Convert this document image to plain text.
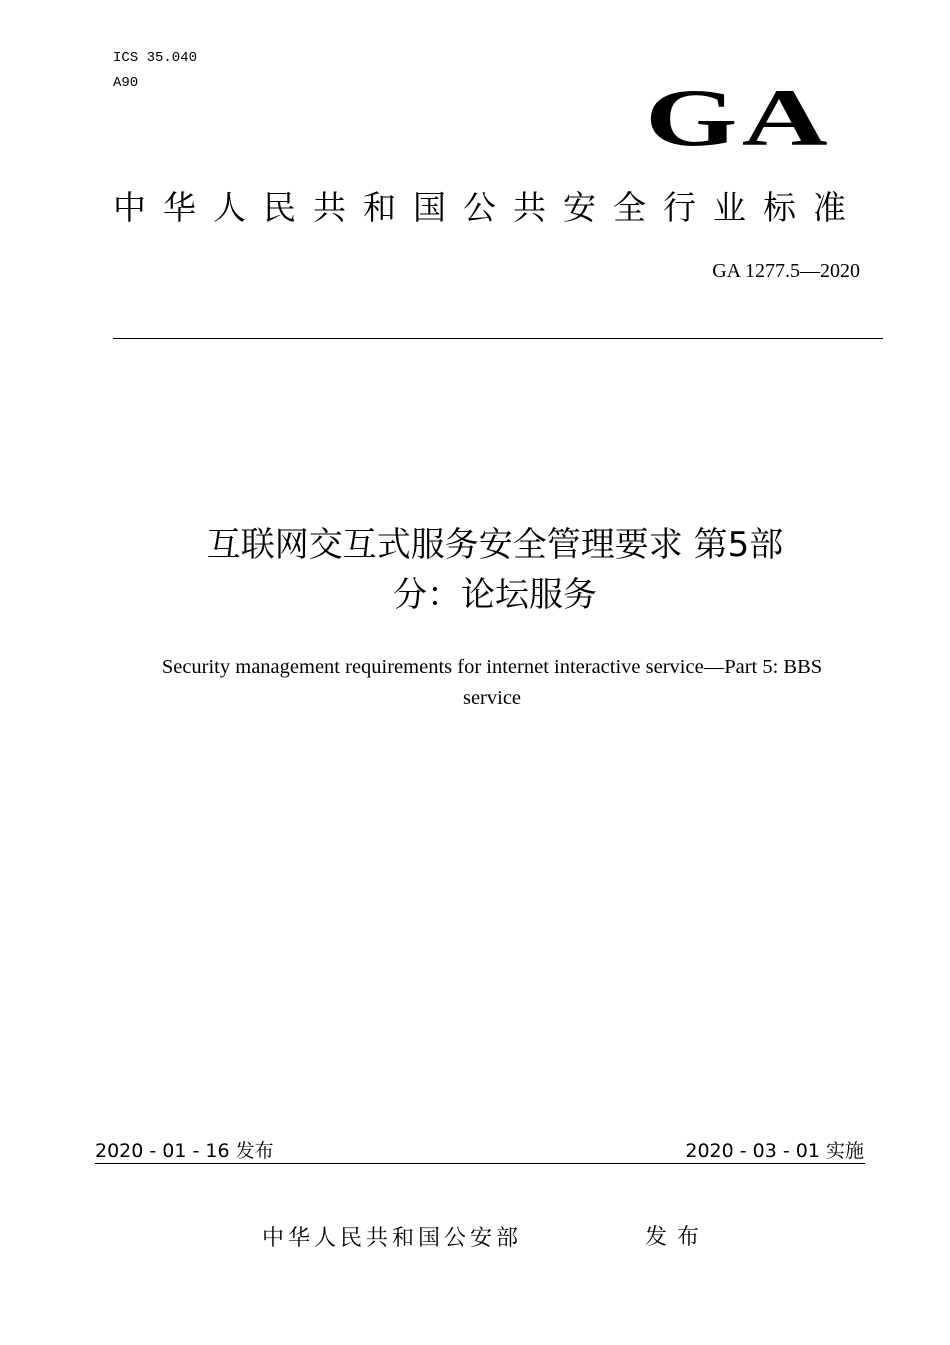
ICS 35.040
A90	GA
中华人民共和国公共安全行业标准
GA 1277.5—2020
互联网交互式服务安全管理要求 第5部
分：论坛服务
Security management requirements for internet interactive service—Part 5: BBS
service
2020 - 01 - 16 发布	2020 - 03 - 01 实施
中华人民共和国公安部	发布
